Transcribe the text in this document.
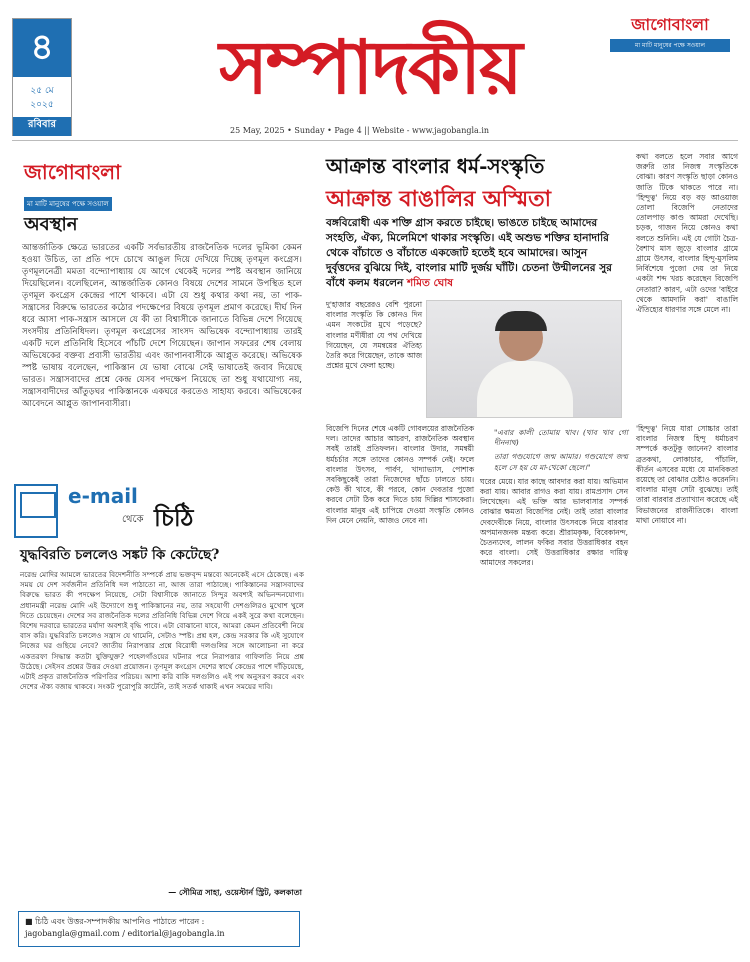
৪
২৫ মে
২০২৫
রবিবার
সম্পাদকীয়
জাগোবাংলা
মা মাটি মানুষের পক্ষে সওয়াল
25 May, 2025 • Sunday • Page 4 || Website - www.jagobangla.in
জাগোবাংলা
মা মাটি মানুষের পক্ষে সওয়াল
অবস্থান
আন্তর্জাতিক ক্ষেত্রে ভারতের একটি সর্বভারতীয় রাজনৈতিক দলের ভূমিকা কেমন হওয়া উচিত, তা প্রতি পদে চোখে আঙুল দিয়ে দেখিয়ে দিচ্ছে তৃণমূল কংগ্রেস। তৃণমূলনেত্রী মমতা বন্দ্যোপাধ্যায় যে আগে থেকেই দলের স্পষ্ট অবস্থান জানিয়ে দিয়েছিলেন। বলেছিলেন, আন্তর্জাতিক কোনও বিষয়ে দেশের সামনে উপস্থিত হলে তৃণমূল কংগ্রেস কেন্দ্রের পাশে থাকবে। এটা যে শুধু কথার কথা নয়, তা পাক-সন্ত্রাসের বিরুদ্ধে ভারতের কঠোর পদক্ষেপের বিষয়ে তৃণমূল প্রমাণ করেছে। দীর্ঘ দিন ধরে আসা পাক-সন্ত্রাস আসলে যে কী তা বিশ্বাসীকে জানাতে বিভিন্ন দেশে গিয়েছে সংসদীয় প্রতিনিধিদল। তৃণমূল কংগ্রেসের সাংসদ অভিষেক বন্দ্যোপাধ্যায় তারই একটি দলে প্রতিনিধি হিসেবে পাঁচটি দেশে গিয়েছেন। জাপান সফরের শেষ বেলায় অভিষেকের বক্তব্য প্রবাসী ভারতীয় এবং জাপানবাসীকে আপ্লুত করেছে। অভিষেক স্পষ্ট ভাষায় বলেছেন, পাকিস্তান যে ভাষা বোঝে সেই ভাষাতেই জবাব দিয়েছে ভারত। সন্ত্রাসবাদের প্রশ্নে কেন্দ্র যেসব পদক্ষেপ নিয়েছে তা শুধু যথাযোগ্য নয়, সন্ত্রাসবাদীদের আঁতুড়ঘর পাকিস্তানকে একঘরে করতেও সাহায্য করবে। অভিষেকের আবেদনে আপ্লুত জাপানবাসীরা।
e-mail
থেকে চিঠি
যুদ্ধবিরতি চললেও সঙ্কট কি কেটেছে?
নরেন্দ্র মোদির আমলে ভারতের বিদেশনীতি সম্পর্কে প্রায় ভক্তবৃন্দ মন্তব্যে অনেকেই এসে ঠেকেছে। এক সময় যে দেশ সর্বজনীন প্রতিনিধি দল পাঠাতো না, আজ তারা পাঠাচ্ছে। পাকিস্তানের সন্ত্রাসবাদের বিরুদ্ধে ভারত কী পদক্ষেপ নিয়েছে, সেটা বিশ্বাসীকে জানাতে সিন্দুর অবশ্যই অভিনন্দনযোগ্য। প্রধানমন্ত্রী নরেন্দ্র মোদি এই উদ্যোগে শুধু পাকিস্তানের নয়, তার সহযোগী দেশগুলিরও মুখোশ খুলে দিতে চেয়েছেন। দেশের সব রাজনৈতিক দলের প্রতিনিধি বিভিন্ন দেশে গিয়ে একই সুরে কথা বলেছেন। বিশেষ দরবারে ভারতের মর্যাদা অবশ্যই বৃদ্ধি পাবে। এটা বোঝানো যাবে, আমরা কেমন প্রতিবেশী নিয়ে বাস করি। যুদ্ধবিরতি চললেও সন্ত্রাস যে থামেনি, সেটাও স্পষ্ট। প্রশ্ন হল, কেন্দ্র সরকার কি এই সুযোগে নিজের ঘর গুছিয়ে নেবে? জাতীয় নিরাপত্তার প্রশ্নে বিরোধী দলগুলির সঙ্গে আলোচনা না করে একতরফা সিদ্ধান্ত কতটা যুক্তিযুক্ত? পহেলগাঁওয়ের ঘটনার পরে নিরাপত্তার গাফিলতি নিয়ে প্রশ্ন উঠেছে। সেইসব প্রশ্নের উত্তর দেওয়া প্রয়োজন। তৃণমূল কংগ্রেস দেশের স্বার্থে কেন্দ্রের পাশে দাঁড়িয়েছে, এটাই প্রকৃত রাজনৈতিক পরিণতির পরিচয়। আশা করি বাকি দলগুলিও এই পথ অনুসরণ করবে এবং দেশের ঐক্য বজায় থাকবে। সংকট পুরোপুরি কাটেনি, তাই সতর্ক থাকাই এখন সময়ের দাবি।
— সৌমিত্র সাহা, ওয়েস্টার্ন স্ট্রিট, কলকাতা
■ চিঠি এবং উত্তর-সম্পাদকীয় আপনিও পাঠাতে পারেন :
jagobangla@gmail.com / editorial@jagobangla.in
আক্রান্ত বাংলার ধর্ম-সংস্কৃতি
আক্রান্ত বাঙালির অস্মিতা
বঙ্গবিরোধী এক শক্তি গ্রাস করতে চাইছে। ভাঙতে চাইছে আমাদের সংহতি, ঐক্য, মিলেমিশে থাকার সংস্কৃতি। এই অশুভ শক্তির হানাদারি থেকে বাঁচাতে ও বাঁচাতে একজোট হতেই হবে আমাদের। আসুন দুর্বৃত্তদের বুঝিয়ে দিই, বাংলার মাটি দুর্জয় ঘাঁটি। চেতনা উন্মীলনের সুর বাঁধে কলম ধরলেন শমিত ঘোষ
কথা বলতে হলে সবার আগে জরুরি তার নিজস্ব সংস্কৃতিকে বোঝা। কারণ সংস্কৃতি ছাড়া কোনও জাতি টিকে থাকতে পারে না। 'হিন্দুত্ব' নিয়ে বড় বড় আওয়াজ তোলা বিজেপি নেতাদের তোলপাড় কাণ্ড আমরা দেখেছি। চড়ক, গাজন নিয়ে কোনও কথা বলতে শুনিনি। এই যে গোটা চৈত্র-বৈশাখ মাস জুড়ে বাংলার গ্রামে গ্রামে উৎসব, বাংলার হিন্দু-মুসলিম নির্বিশেষে পুজো দেয় তা নিয়ে একটা শব্দ খরচ করেছেন বিজেপি নেতারা? কারণ, এটা ওদের 'বাইরে থেকে আমদানি করা' বাঙালি ঐতিহ্যের ধারণার সঙ্গে মেলে না।
দু'হাজার বছরেরও বেশি পুরনো বাংলার সংস্কৃতি কি কোনও দিন এমন সংকটের মুখে পড়েছে? বাংলার মণীষীরা যে পথ দেখিয়ে গিয়েছেন, যে সমন্বয়ের ঐতিহ্য তৈরি করে গিয়েছেন, তাকে আজ প্রশ্নের মুখে ফেলা হচ্ছে।
বিজেপি দিনের শেষে একটি গোবলয়ের রাজনৈতিক দল। তাদের আচার আচরণ, রাজনৈতিক অবস্থান সবই তারই প্রতিফলন। বাংলার উদার, সমন্বয়ী ধর্মচর্চার সঙ্গে তাদের কোনও সম্পর্ক নেই। ফলে বাংলার উৎসব, পার্বণ, খাদ্যাভ্যাস, পোশাক সবকিছুকেই তারা নিজেদের ছাঁচে ঢালতে চায়। কেউ কী খাবে, কী পরবে, কোন দেবতার পুজো করবে সেটা ঠিক করে দিতে চায় দিল্লির শাসকেরা। বাংলার মানুষ এই চাপিয়ে দেওয়া সংস্কৃতি কোনও দিন মেনে নেয়নি, আজও নেবে না।
"এবার কালী তোমায় খাব। (খাব খাব গো দীননাথ)
তারা গণ্ডযোগে জন্ম আমার। গণ্ডযোগে জন্ম হলে সে হয় যে মা-খেকো ছেলে।"
ঘরের মেয়ে। যার কাছে আবদার করা যায়। অভিমান করা যায়। আবার রাগও করা যায়। রামপ্রসাদ সেন লিখেছেন। এই ভক্তি আর ভালবাসার সম্পর্ক বোঝার ক্ষমতা বিজেপির নেই। তাই তারা বাংলার দেবদেবীকে নিয়ে, বাংলার উৎসবকে নিয়ে বারবার অপমানজনক মন্তব্য করে। শ্রীরামকৃষ্ণ, বিবেকানন্দ, চৈতন্যদেব, লালন ফকির সবার উত্তরাধিকার বহন করে বাংলা। সেই উত্তরাধিকার রক্ষার দায়িত্ব আমাদের সকলের।
'হিন্দুত্ব' নিয়ে যারা সোচ্চার তারা বাংলার নিজস্ব হিন্দু ধর্মাচরণ সম্পর্কে কতটুকু জানেন? বাংলার ব্রতকথা, লোকাচার, পাঁচালি, কীর্তন এসবের মধ্যে যে মানবিকতা রয়েছে তা বোঝার চেষ্টাও করেননি। বাংলার মানুষ সেটা বুঝেছে। তাই তারা বারবার প্রত্যাখ্যান করেছে এই বিভাজনের রাজনীতিকে। বাংলা মাথা নোয়াবে না।
